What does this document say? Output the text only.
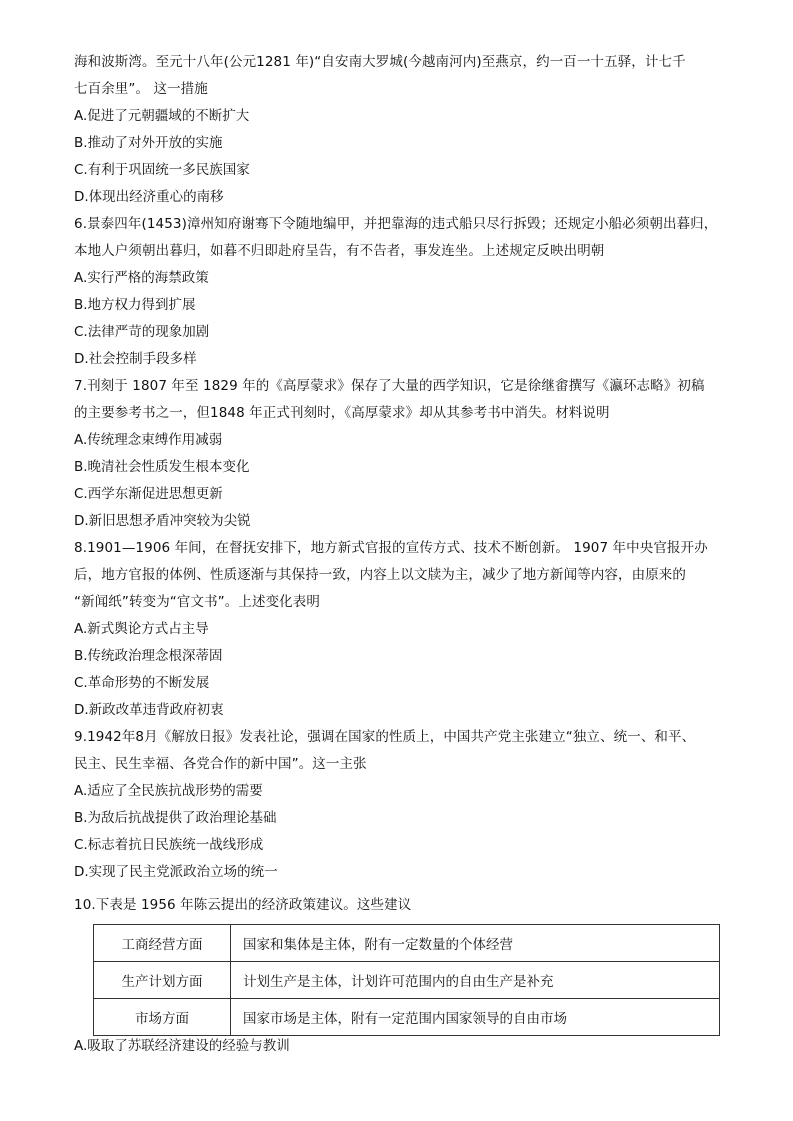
海和波斯湾。至元十八年(公元1281 年)“自安南大罗城(今越南河内)至燕京，约一百一十五驿，计七千
七百余里”。 这一措施
A.促进了元朝疆域的不断扩大
B.推动了对外开放的实施
C.有利于巩固统一多民族国家
D.体现出经济重心的南移
6.景泰四年(1453)漳州知府谢骞下令随地编甲，并把靠海的违式船只尽行拆毁；还规定小船必须朝出暮归，
本地人户须朝出暮归，如暮不归即赴府呈告，有不告者，事发连坐。上述规定反映出明朝
A.实行严格的海禁政策
B.地方权力得到扩展
C.法律严苛的现象加剧
D.社会控制手段多样
7.刊刻于 1807 年至 1829 年的《高厚蒙求》保存了大量的西学知识，它是徐继畬撰写《瀛环志略》初稿
的主要参考书之一，但1848 年正式刊刻时，《高厚蒙求》却从其参考书中消失。材料说明
A.传统理念束缚作用减弱
B.晚清社会性质发生根本变化
C.西学东渐促进思想更新
D.新旧思想矛盾冲突较为尖锐
8.1901—1906 年间，在督抚安排下，地方新式官报的宣传方式、技术不断创新。 1907 年中央官报开办
后，地方官报的体例、性质逐渐与其保持一致，内容上以文牍为主，减少了地方新闻等内容，由原来的
“新闻纸”转变为“官文书”。上述变化表明
A.新式舆论方式占主导
B.传统政治理念根深蒂固
C.革命形势的不断发展
D.新政改革违背政府初衷
9.1942年8月《解放日报》发表社论，强调在国家的性质上，中国共产党主张建立“独立、统一、和平、
民主、民生幸福、各党合作的新中国”。这一主张
A.适应了全民族抗战形势的需要
B.为敌后抗战提供了政治理论基础
C.标志着抗日民族统一战线形成
D.实现了民主党派政治立场的统一
10.下表是 1956 年陈云提出的经济政策建议。这些建议
工商经营方面	国家和集体是主体，附有一定数量的个体经营
生产计划方面	计划生产是主体，计划许可范围内的自由生产是补充
市场方面	国家市场是主体，附有一定范围内国家领导的自由市场
A.吸取了苏联经济建设的经验与教训
